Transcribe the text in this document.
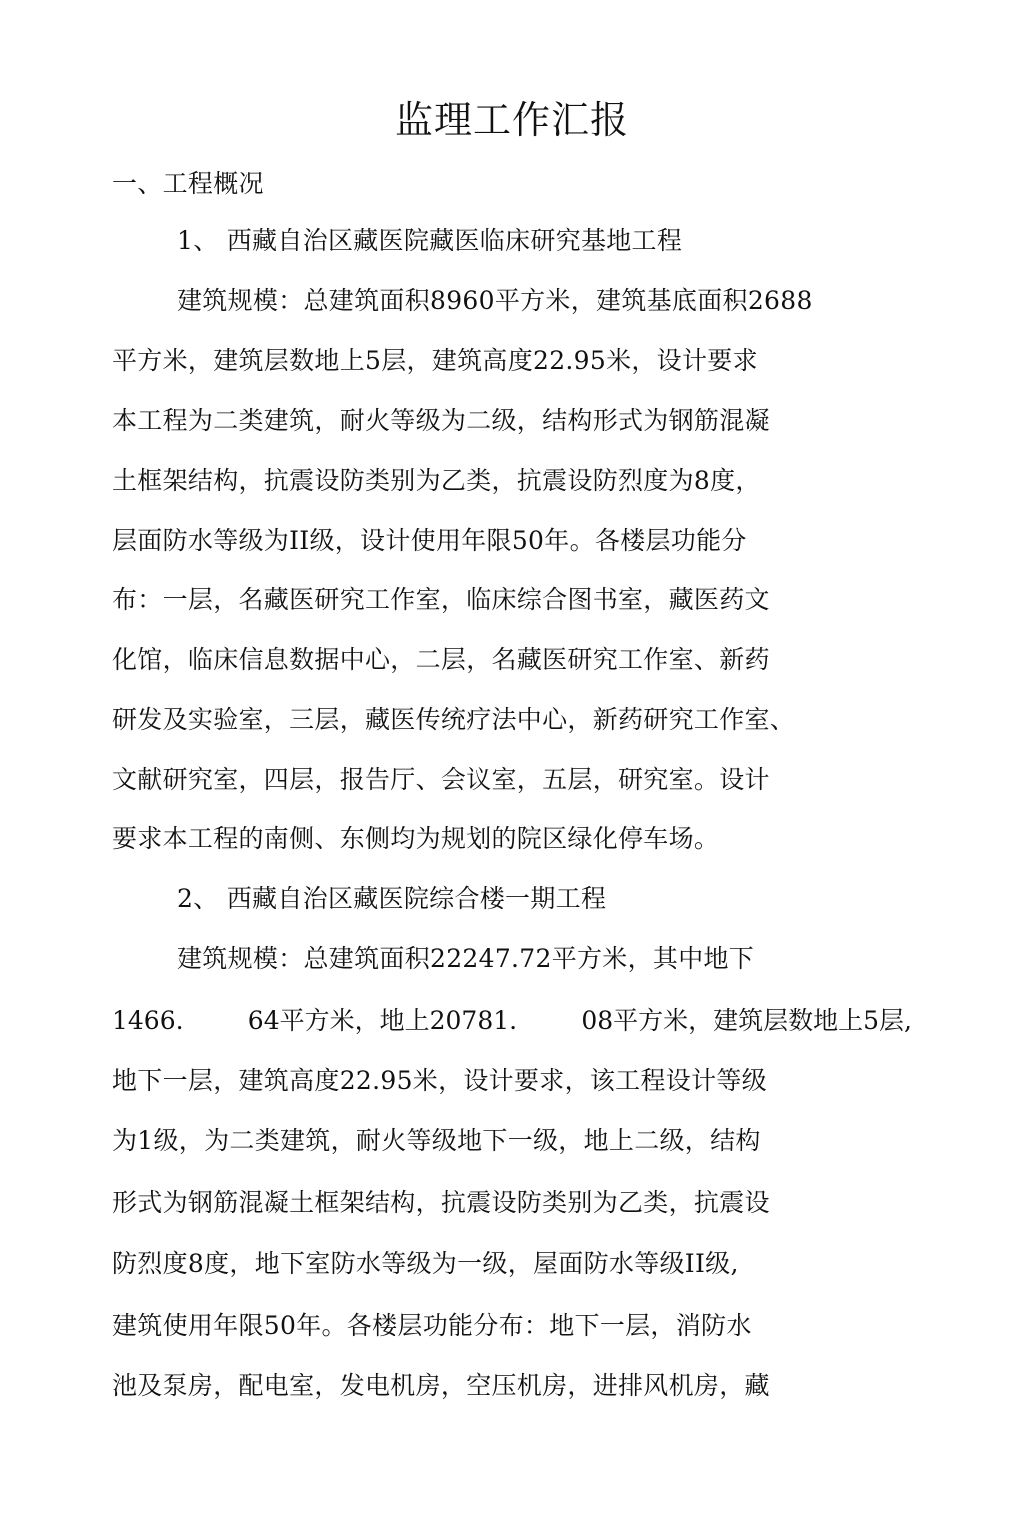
监理工作汇报
一、工程概况
1、 西藏自治区藏医院藏医临床研究基地工程
建筑规模：总建筑面积8960平方米，建筑基底面积2688
平方米，建筑层数地上5层，建筑高度22.95米，设计要求
本工程为二类建筑，耐火等级为二级，结构形式为钢筋混凝
土框架结构，抗震设防类别为乙类，抗震设防烈度为8度，
层面防水等级为II级，设计使用年限50年。各楼层功能分
布：一层，名藏医研究工作室，临床综合图书室，藏医药文
化馆，临床信息数据中心，二层，名藏医研究工作室、新药
研发及实验室，三层，藏医传统疗法中心，新药研究工作室、
文献研究室，四层，报告厅、会议室，五层，研究室。设计
要求本工程的南侧、东侧均为规划的院区绿化停车场。
2、 西藏自治区藏医院综合楼一期工程
建筑规模：总建筑面积22247.72平方米，其中地下
1466.	64平方米，地上20781.	08平方米，建筑层数地上5层,
地下一层，建筑高度22.95米，设计要求，该工程设计等级
为1级，为二类建筑，耐火等级地下一级，地上二级，结构
形式为钢筋混凝土框架结构，抗震设防类别为乙类，抗震设
防烈度8度，地下室防水等级为一级，屋面防水等级II级,
建筑使用年限50年。各楼层功能分布：地下一层，消防水
池及泵房，配电室，发电机房，空压机房，进排风机房，藏
